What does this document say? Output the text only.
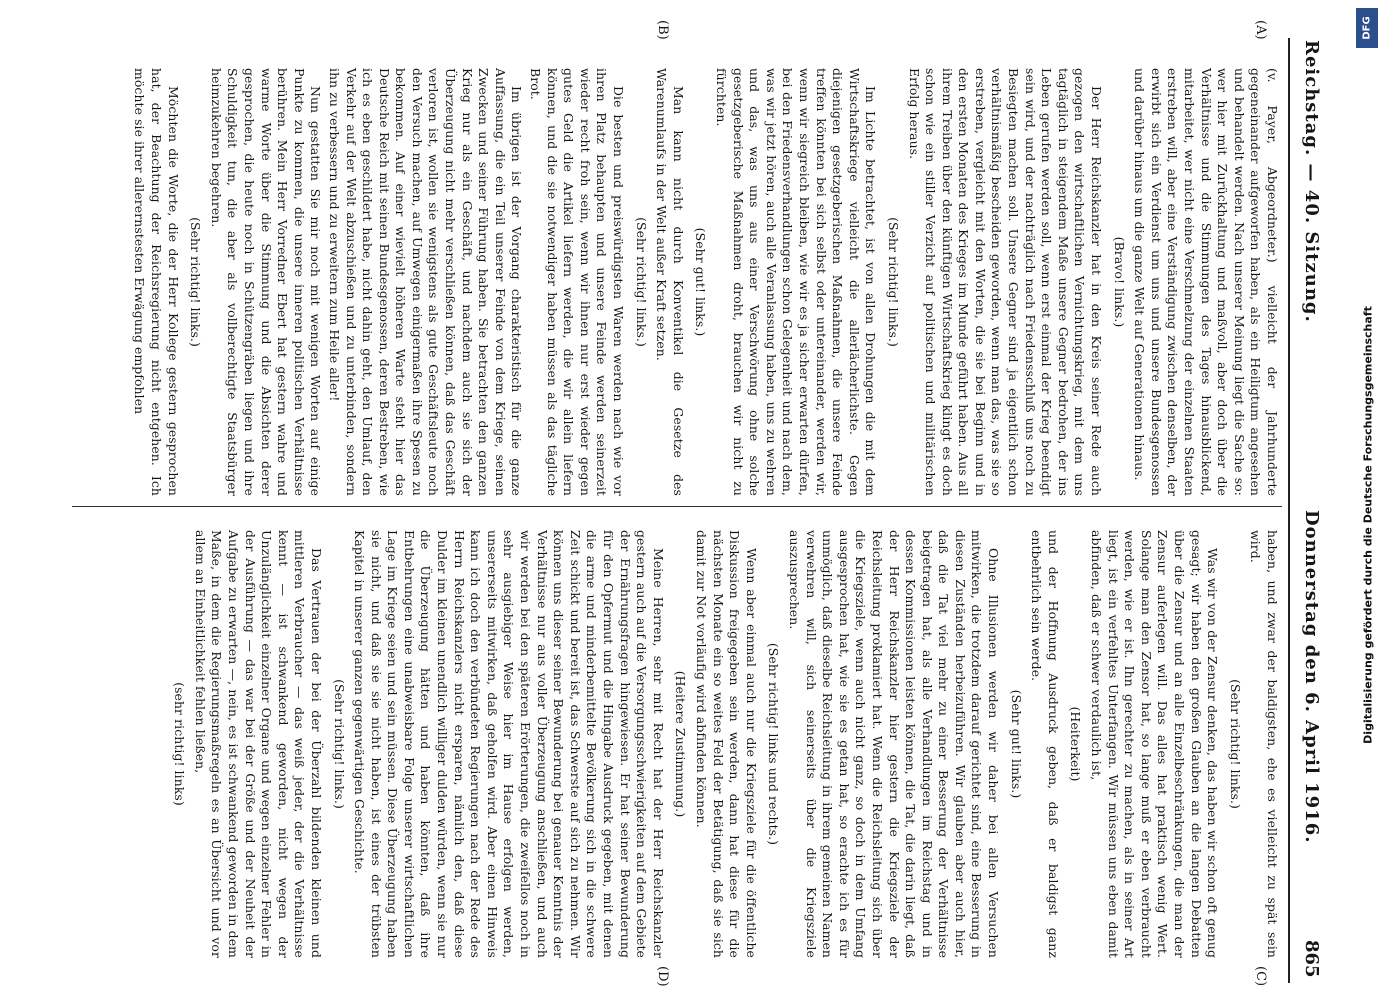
Reichstag. — 40. Sitzung.
Donnerstag den 6. April 1916.
865
(A)
(B)
(C)
(D)

(v. Payer, Abgeordneter.) vielleicht der Jahrhunderte gegeneinander aufgeworfen haben, als ein Heiligtum angesehen und behandelt werden. Nach unserer Meinung liegt die Sache so: wer hier mit Zurückhaltung und maßvoll, aber doch über die Verhältnisse und die Stimmungen des Tages hinausblickend, mitarbeitet, wer nicht eine Verschmelzung der einzelnen Staaten erstreben will, aber eine Verständigung zwischen denselben, der erwirbt sich ein Verdienst um uns und unsere Bundesgenossen und darüber hinaus um die ganze Welt auf Generationen hinaus.

(Bravo! links.)

Der Herr Reichskanzler hat in den Kreis seiner Rede auch gezogen den wirtschaftlichen Vernichtungskrieg, mit dem uns tagtäglich in steigendem Maße unsere Gegner bedrohen, der ins Leben gerufen werden soll, wenn erst einmal der Krieg beendigt sein wird, und der nachträglich nach Friedensschluß uns noch zu Besiegten machen soll. Unsere Gegner sind ja eigentlich schon verhältnismäßig bescheiden geworden, wenn man das, was sie so erstreben, vergleicht mit den Worten, die sie bei Beginn und in den ersten Monaten des Krieges im Munde geführt haben. Aus all ihrem Treiben über den künftigen Wirtschaftskrieg klingt es doch schon wie ein stiller Verzicht auf politischen und militärischen Erfolg heraus.

(Sehr richtig! links.)

Im Lichte betrachtet, ist von allen Drohungen die mit dem Wirtschaftskriege vielleicht die allerlächerlichste. Gegen diejenigen gesetzgeberischen Maßnahmen, die unsere Feinde treffen könnten bei sich selbst oder untereinander, werden wir, wenn wir siegreich bleiben, wie wir es ja sicher erwarten dürfen, bei den Friedensverhandlungen schon Gelegenheit und nach dem, was wir jetzt hören, auch alle Veranlassung haben, uns zu wehren und das, was uns aus einer Verschwörung ohne solche gesetzgeberische Maßnahmen droht, brauchen wir nicht zu fürchten.

(Sehr gut! links.)

Man kann nicht durch Konventikel die Gesetze des Warenumlaufs in der Welt außer Kraft setzen.

(Sehr richtig! links.)

Die besten und preiswürdigsten Waren werden nach wie vor ihren Platz behaupten und unsere Feinde werden seinerzeit wieder recht froh sein, wenn wir ihnen nur erst wieder gegen gutes Geld die Artikel liefern werden, die wir allein liefern können, und die sie notwendiger haben müssen als das tägliche Brot.

Im übrigen ist der Vorgang charakteristisch für die ganze Auffassung, die ein Teil unserer Feinde von dem Kriege, seinen Zwecken und seiner Führung haben. Sie betrachten den ganzen Krieg nur als ein Geschäft, und nachdem auch sie sich der Überzeugung nicht mehr verschließen können, daß das Geschäft verloren ist, wollen sie wenigstens als gute Geschäftsleute noch den Versuch machen, auf Umwegen einigermaßen ihre Spesen zu bekommen. Auf einer wievielt höheren Warte steht hier das Deutsche Reich mit seinen Bundesgenossen, deren Bestreben, wie ich es eben geschildert habe, nicht dahin geht, den Umlauf, den Verkehr auf der Welt abzuschießen und zu unterbinden, sondern ihn zu verbessern und zu erweitern zum Heile aller!

Nun gestatten Sie mir noch mit wenigen Worten auf einige Punkte zu kommen, die unsere inneren politischen Verhältnisse berühren. Mein Herr Vorredner Ebert hat gestern wahre und warme Worte über die Stimmung und die Absichten derer gesprochen, die heute noch in Schützengräben liegen und ihre Schuldigkeit tun, die aber als vollberechtigte Staatsbürger heimzukehren begehren.

(Sehr richtig! links.)

Möchten die Worte, die der Herr Kollege gestern gesprochen hat, der Beachtung der Reichsregierung nicht entgehen. Ich möchte sie ihrer allerernstesten Erwägung empfohlen

haben, und zwar der baldigsten, ehe es vielleicht zu spät sein wird.

(Sehr richtig! links.)

Was wir von der Zensur denken, das haben wir schon oft genug gesagt; wir haben den großen Glauben an die langen Debatten über die Zensur und an alle Einzelbeschränkungen, die man der Zensur auferlegen will. Das alles hat praktisch wenig Wert. Solange man den Zensor hat, so lange muß er eben verbraucht werden, wie er ist. Ihn gerechter zu machen, als in seiner Art liegt, ist ein verfehltes Unterfangen. Wir müssen uns eben damit abfinden, daß er schwer verdaulich ist,

(Heiterkeit)

und der Hoffnung Ausdruck geben, daß er baldigst ganz entbehrlich sein werde.

(Sehr gut! links.)

Ohne Illusionen werden wir daher bei allen Versuchen mitwirken, die trotzdem darauf gerichtet sind, eine Besserung in diesen Zuständen herbeizuführen. Wir glauben aber auch hier, daß die Tat viel mehr zu einer Besserung der Verhältnisse beigetragen hat, als alle Verhandlungen im Reichstag und in dessen Kommissionen leisten können, die Tat, die darin liegt, daß der Herr Reichskanzler hier gestern die Kriegsziele der Reichsleitung proklamiert hat. Wenn die Reichsleitung sich über die Kriegsziele, wenn auch nicht ganz, so doch in dem Umfang ausgesprochen hat, wie sie es getan hat, so erachte ich es für unmöglich, daß dieselbe Reichsleitung in ihrem gemeinen Namen verwehren will, sich seinerseits über die Kriegsziele auszusprechen.

(Sehr richtig! links und rechts.)

Wenn aber einmal auch nur die Kriegsziele für die öffentliche Diskussion freigegeben sein werden, dann hat diese für die nächsten Monate ein so weites Feld der Betätigung, daß sie sich damit zur Not vorläufig wird abfinden können.

(Heitere Zustimmung.)

Meine Herren, sehr mit Recht hat der Herr Reichskanzler gestern auch auf die Versorgungsschwierigkeiten auf dem Gebiete der Ernährungsfragen hingewiesen. Er hat seiner Bewunderung für den Opfermut und die Hingabe Ausdruck gegeben, mit denen die arme und minderbemittelte Bevölkerung sich in die schwere Zeit schickt und bereit ist, das Schwerste auf sich zu nehmen. Wir können uns dieser seiner Bewunderung bei genauer Kenntnis der Verhältnisse nur aus voller Überzeugung anschließen, und auch wir werden bei den späteren Erörterungen, die zweifellos noch in sehr ausgiebiger Weise hier im Hause erfolgen werden, unsererseits mitwirken, daß geholfen wird. Aber einen Hinweis kann ich doch den verbündeten Regierungen nach der Rede des Herrn Reichskanzlers nicht ersparen, nämlich den, daß diese Dulder im kleinen unendlich williger dulden würden, wenn sie nur die Überzeugung hätten und haben könnten, daß ihre Entbehrungen eine unabweisbare Folge unserer wirtschaftlichen Lage im Kriege seien und sein müssen. Diese Überzeugung haben sie nicht, und daß sie sie nicht haben, ist eines der trübsten Kapitel in unserer ganzen gegenwärtigen Geschichte.

(Sehr richtig! links.)

Das Vertrauen der bei der Überzahl bildenden kleinen und mittleren Verbraucher — das weiß jeder, der die Verhältnisse kennt — ist schwankend geworden, nicht wegen der Unzulänglichkeit einzelner Organe und wegen einzelner Fehler in der Ausführung — das war bei der Größe und der Neuheit der Aufgabe zu erwarten —, nein, es ist schwankend geworden in dem Maße, in dem die Regierungsmaßregeln es an Übersicht und vor allem an Einheitlichkeit fehlen ließen,

(sehr richtig! links)

DFG
Digitalisierung gefördert durch die Deutsche Forschungsgemeinschaft
